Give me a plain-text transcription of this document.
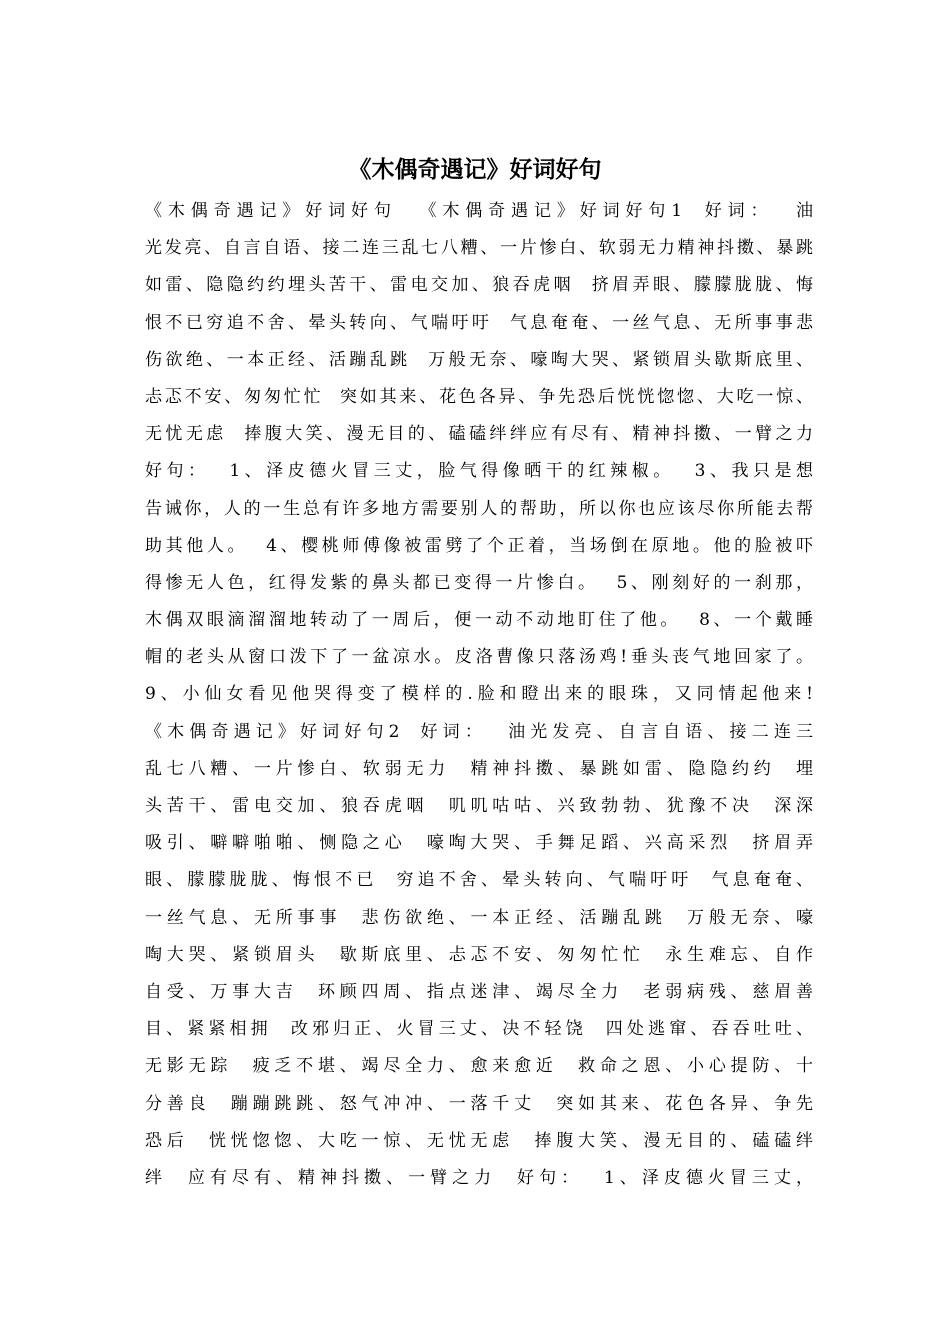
《木偶奇遇记》好词好句
《木偶奇遇记》好词好句  《木偶奇遇记》好词好句1  好词：  油
光发亮、自言自语、接二连三乱七八糟、一片惨白、软弱无力精神抖擞、暴跳
如雷、隐隐约约埋头苦干、雷电交加、狼吞虎咽  挤眉弄眼、朦朦胧胧、悔
恨不已穷追不舍、晕头转向、气喘吁吁  气息奄奄、一丝气息、无所事事悲
伤欲绝、一本正经、活蹦乱跳  万般无奈、嚎啕大哭、紧锁眉头歇斯底里、
忐忑不安、匆匆忙忙  突如其来、花色各异、争先恐后恍恍惚惚、大吃一惊、
无忧无虑  捧腹大笑、漫无目的、磕磕绊绊应有尽有、精神抖擞、一臂之力
好句：  1、泽皮德火冒三丈，脸气得像晒干的红辣椒。  3、我只是想
告诫你，人的一生总有许多地方需要别人的帮助，所以你也应该尽你所能去帮
助其他人。  4、樱桃师傅像被雷劈了个正着，当场倒在原地。他的脸被吓
得惨无人色，红得发紫的鼻头都已变得一片惨白。  5、刚刻好的一刹那，
木偶双眼滴溜溜地转动了一周后，便一动不动地盯住了他。  8、一个戴睡
帽的老头从窗口泼下了一盆凉水。皮洛曹像只落汤鸡!垂头丧气地回家了。
9、小仙女看见他哭得变了模样的.脸和瞪出来的眼珠，又同情起他来!
《木偶奇遇记》好词好句2  好词：  油光发亮、自言自语、接二连三
乱七八糟、一片惨白、软弱无力  精神抖擞、暴跳如雷、隐隐约约  埋
头苦干、雷电交加、狼吞虎咽  叽叽咕咕、兴致勃勃、犹豫不决  深深
吸引、噼噼啪啪、恻隐之心  嚎啕大哭、手舞足蹈、兴高采烈  挤眉弄
眼、朦朦胧胧、悔恨不已  穷追不舍、晕头转向、气喘吁吁  气息奄奄、
一丝气息、无所事事  悲伤欲绝、一本正经、活蹦乱跳  万般无奈、嚎
啕大哭、紧锁眉头  歇斯底里、忐忑不安、匆匆忙忙  永生难忘、自作
自受、万事大吉  环顾四周、指点迷津、竭尽全力  老弱病残、慈眉善
目、紧紧相拥  改邪归正、火冒三丈、决不轻饶  四处逃窜、吞吞吐吐、
无影无踪  疲乏不堪、竭尽全力、愈来愈近  救命之恩、小心提防、十
分善良  蹦蹦跳跳、怒气冲冲、一落千丈  突如其来、花色各异、争先
恐后  恍恍惚惚、大吃一惊、无忧无虑  捧腹大笑、漫无目的、磕磕绊
绊  应有尽有、精神抖擞、一臂之力  好句：  1、泽皮德火冒三丈，
